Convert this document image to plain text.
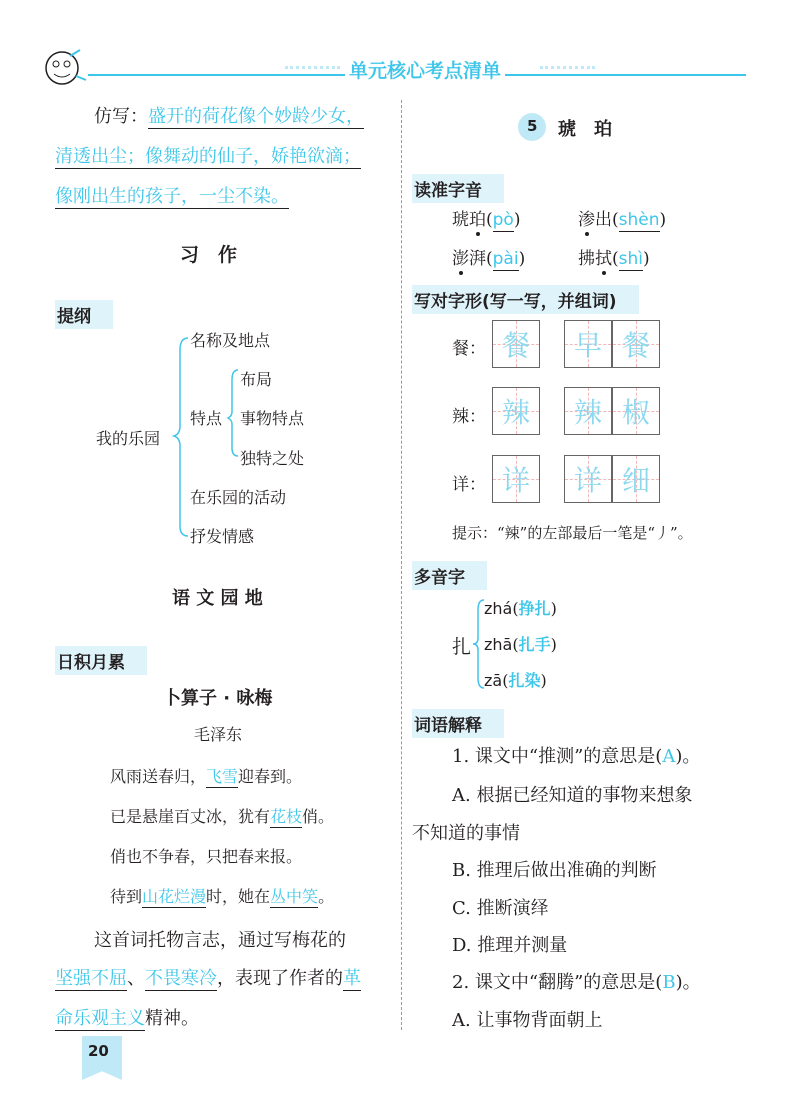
单元核心考点清单
仿写：盛开的荷花像个妙龄少女，
清透出尘；像舞动的仙子，娇艳欲滴；
像刚出生的孩子，一尘不染。
习　作
提纲
我的乐园
名称及地点
特点
布局
事物特点
独特之处
在乐园的活动
抒发情感
语 文 园 地
日积月累
卜算子 · 咏梅
毛泽东
风雨送春归，飞雪迎春到。
已是悬崖百丈冰，犹有花枝俏。
俏也不争春，只把春来报。
待到山花烂漫时，她在丛中笑。
这首词托物言志，通过写梅花的
坚强不屈、不畏寒冷，表现了作者的革
命乐观主义精神。
20
5 琥　珀
读准字音
琥珀(pò)	渗出(shèn)
澎湃(pài)	拂拭(shì)
写对字形(写一写，并组词)
餐： 餐	早 餐
辣： 辣	辣 椒
详： 详	详 细
提示：“辣”的左部最后一笔是“丿”。
多音字
扎
zhá(挣扎)
zhā(扎手)
zā(扎染)
词语解释
1. 课文中“推测”的意思是(A)。
A. 根据已经知道的事物来想象
不知道的事情
B. 推理后做出准确的判断
C. 推断演绎
D. 推理并测量
2. 课文中“翻腾”的意思是(B)。
A. 让事物背面朝上
